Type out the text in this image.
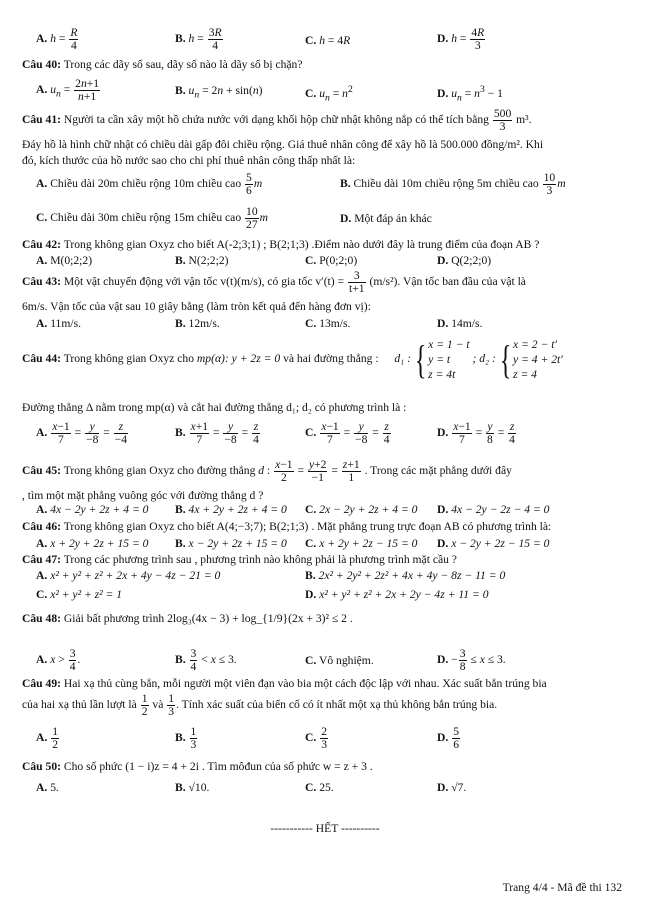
A. $h = \frac{R}{4}$	B. $h = \frac{3R}{4}$	C. h = 4R	D. $h = \frac{4R}{3}$
Câu 40: Trong các dãy số sau, dãy số nào là dãy số bị chặn?
A. $u_n = \frac{2n+1}{n+1}$	B. $u_n = 2n + \sin(n)$	C. $u_n = n^2$	D. $u_n = n^3 - 1$
Câu 41: Người ta cần xây một hồ chứa nước với dạng khối hộp chữ nhật không nắp có thể tích bằng $\frac{500}{3} m^3$.
Đáy hồ là hình chữ nhật có chiều dài gấp đôi chiều rộng. Giá thuê nhân công để xây hồ là 500.000 đồng/m². Khi
đó, kích thước của hồ nước sao cho chi phí thuê nhân công thấp nhất là:
A. Chiều dài 20m chiều rộng 10m chiều cao $\frac{5}{6}$ m	B. Chiều dài 10m chiều rộng 5m chiều cao $\frac{10}{3}$ m
C. Chiều dài 30m chiều rộng 15m chiều cao $\frac{10}{27}$ m	D. Một đáp án khác
Câu 42: Trong không gian Oxyz cho biết A(-2;3;1) ; B(2;1;3) .Điểm nào dưới đây là trung điểm của đoạn AB ?
A. M(0;2;2)	B. N(2;2;2)	C. P(0;2;0)	D. Q(2;2;0)
Câu 43: Một vật chuyển động với vận tốc v(t)(m/s), có gia tốc $v'(t) = \frac{3}{t+1} (m/s^2)$. Vận tốc ban đầu của vật là
6m/s. Vận tốc của vật sau 10 giây bằng (làm tròn kết quả đến hàng đơn vị):
A. 11m/s.	B. 12m/s.	C. 13m/s.	D. 14m/s.
Câu 44: Trong không gian Oxyz cho mp(α): y + 2z = 0 và hai đường thẳng : d₁ :{ x = 1 − t
y = t
z = 4t
; d₂ :{ x = 2 − t′
y = 4 + 2t′
z = 4
Đường thẳng Δ nằm trong mp(α) và cắt hai đường thẳng d₁; d₂ có phương trình là :
A. $\frac{x-1}{7} = \frac{y}{-8} = \frac{z}{-4}$	B. $\frac{x+1}{7} = \frac{y}{-8} = \frac{z}{4}$	C. $\frac{x-1}{7} = \frac{y}{-8} = \frac{z}{4}$	D. $\frac{x-1}{7} = \frac{y}{8} = \frac{z}{4}$
Câu 45: Trong không gian Oxyz cho đường thẳng d : $\frac{x-1}{2} = \frac{y+2}{-1} = \frac{z+1}{1}$ . Trong các mặt phẳng dưới đây
, tìm một mặt phẳng vuông góc với đường thẳng d ?
A. 4x − 2y + 2z + 4 = 0 B. 4x + 2y + 2z + 4 = 0 C. 2x − 2y + 2z + 4 = 0 D. 4x − 2y − 2z − 4 = 0
Câu 46: Trong không gian Oxyz cho biết A(4;−3;7); B(2;1;3) . Mặt phẳng trung trực đoạn AB có phương trình là:
A. x + 2y + 2z + 15 = 0 B. x − 2y + 2z + 15 = 0 C. x + 2y + 2z − 15 = 0 D. x − 2y + 2z − 15 = 0
Câu 47: Trong các phương trình sau , phương trình nào không phải là phương trình mặt cầu ?
A. x² + y² + z² + 2x + 4y − 4z − 21 = 0	B. 2x² + 2y² + 2z² + 4x + 4y − 8z − 11 = 0
C. x² + y² + z² = 1	D. x² + y² + z² + 2x + 2y − 4z + 11 = 0
Câu 48: Giải bất phương trình 2log₃(4x − 3) + log_{1/9}(2x + 3)² ≤ 2 .
A. $x > \frac{3}{4}$ .	B. $\frac{3}{4} < x \le 3$.	C. Vô nghiệm.	D. − $\frac{3}{8} \le x \le 3$.
Câu 49: Hai xạ thủ cùng bắn, mỗi người một viên đạn vào bia một cách độc lập với nhau. Xác suất bắn trúng bia
của hai xạ thủ lần lượt là $\frac{1}{2}$ và $\frac{1}{3}$ . Tính xác suất của biến cố có ít nhất một xạ thủ không bắn trúng bia.
A. $\frac{1}{2}$	B. $\frac{1}{3}$	C. $\frac{2}{3}$	D. $\frac{5}{6}$
Câu 50: Cho số phức (1 − i)z = 4 + 2i . Tìm môđun của số phức w = z + 3 .
A. 5.	B. √10.	C. 25.	D. √7.
----------- HẾT ----------
Trang 4/4 - Mã đề thi 132
